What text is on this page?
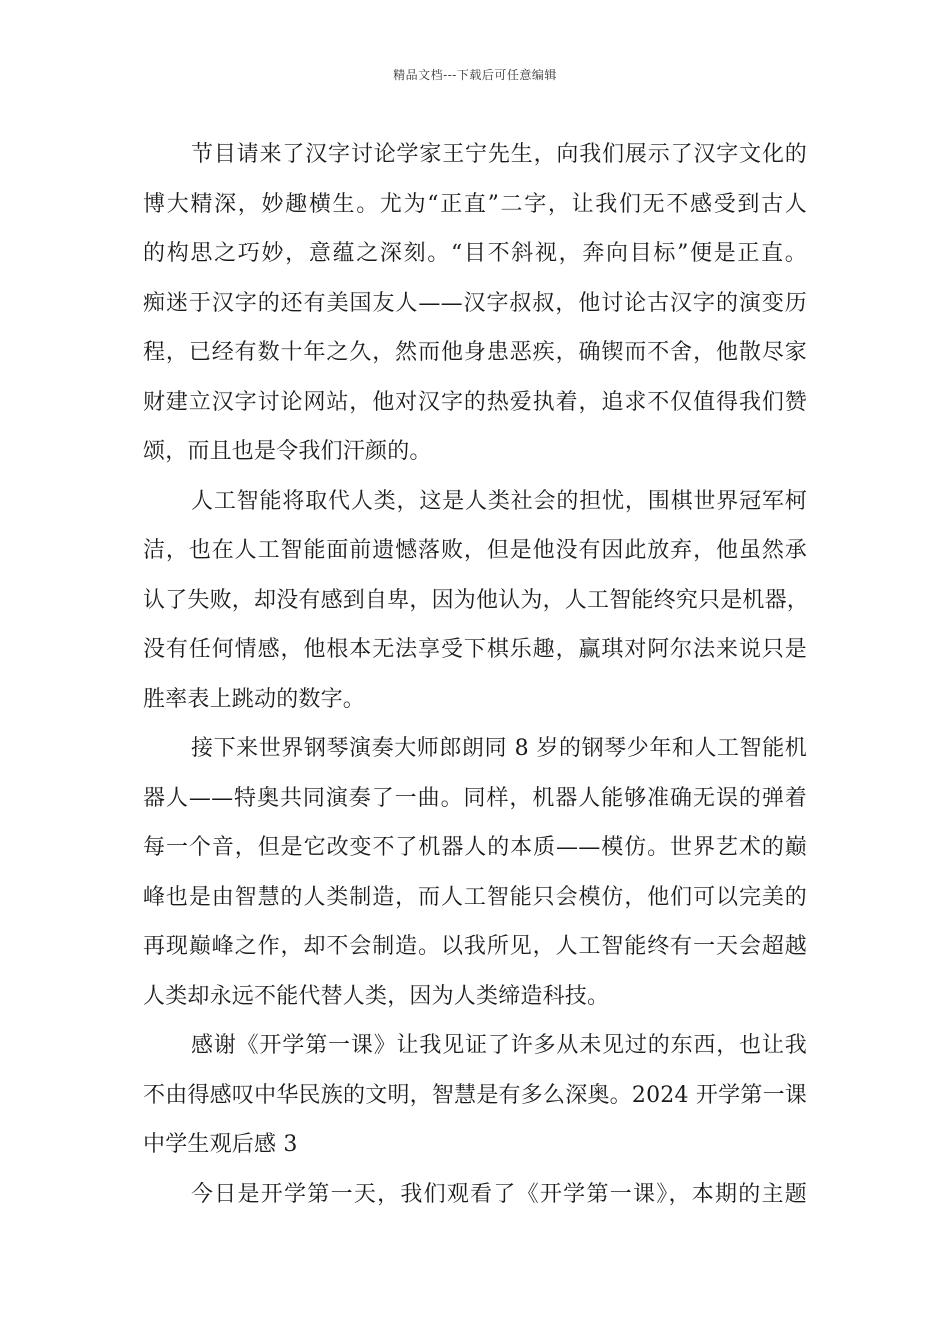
精品文档---下载后可任意编辑
节目请来了汉字讨论学家王宁先生，向我们展示了汉字文化的
博大精深，妙趣横生。尤为“正直”二字，让我们无不感受到古人
的构思之巧妙，意蕴之深刻。“目不斜视，奔向目标”便是正直。
痴迷于汉字的还有美国友人——汉字叔叔，他讨论古汉字的演变历
程，已经有数十年之久，然而他身患恶疾，确锲而不舍，他散尽家
财建立汉字讨论网站，他对汉字的热爱执着，追求不仅值得我们赞
颂，而且也是令我们汗颜的。
人工智能将取代人类，这是人类社会的担忧，围棋世界冠军柯
洁，也在人工智能面前遗憾落败，但是他没有因此放弃，他虽然承
认了失败，却没有感到自卑，因为他认为，人工智能终究只是机器，
没有任何情感，他根本无法享受下棋乐趣，赢琪对阿尔法来说只是
胜率表上跳动的数字。
接下来世界钢琴演奏大师郎朗同 8 岁的钢琴少年和人工智能机
器人——特奥共同演奏了一曲。同样，机器人能够准确无误的弹着
每一个音，但是它改变不了机器人的本质——模仿。世界艺术的巅
峰也是由智慧的人类制造，而人工智能只会模仿，他们可以完美的
再现巅峰之作，却不会制造。以我所见，人工智能终有一天会超越
人类却永远不能代替人类，因为人类缔造科技。
感谢《开学第一课》让我见证了许多从未见过的东西，也让我
不由得感叹中华民族的文明，智慧是有多么深奥。2024 开学第一课
中学生观后感 3
今日是开学第一天，我们观看了《开学第一课》，本期的主题
